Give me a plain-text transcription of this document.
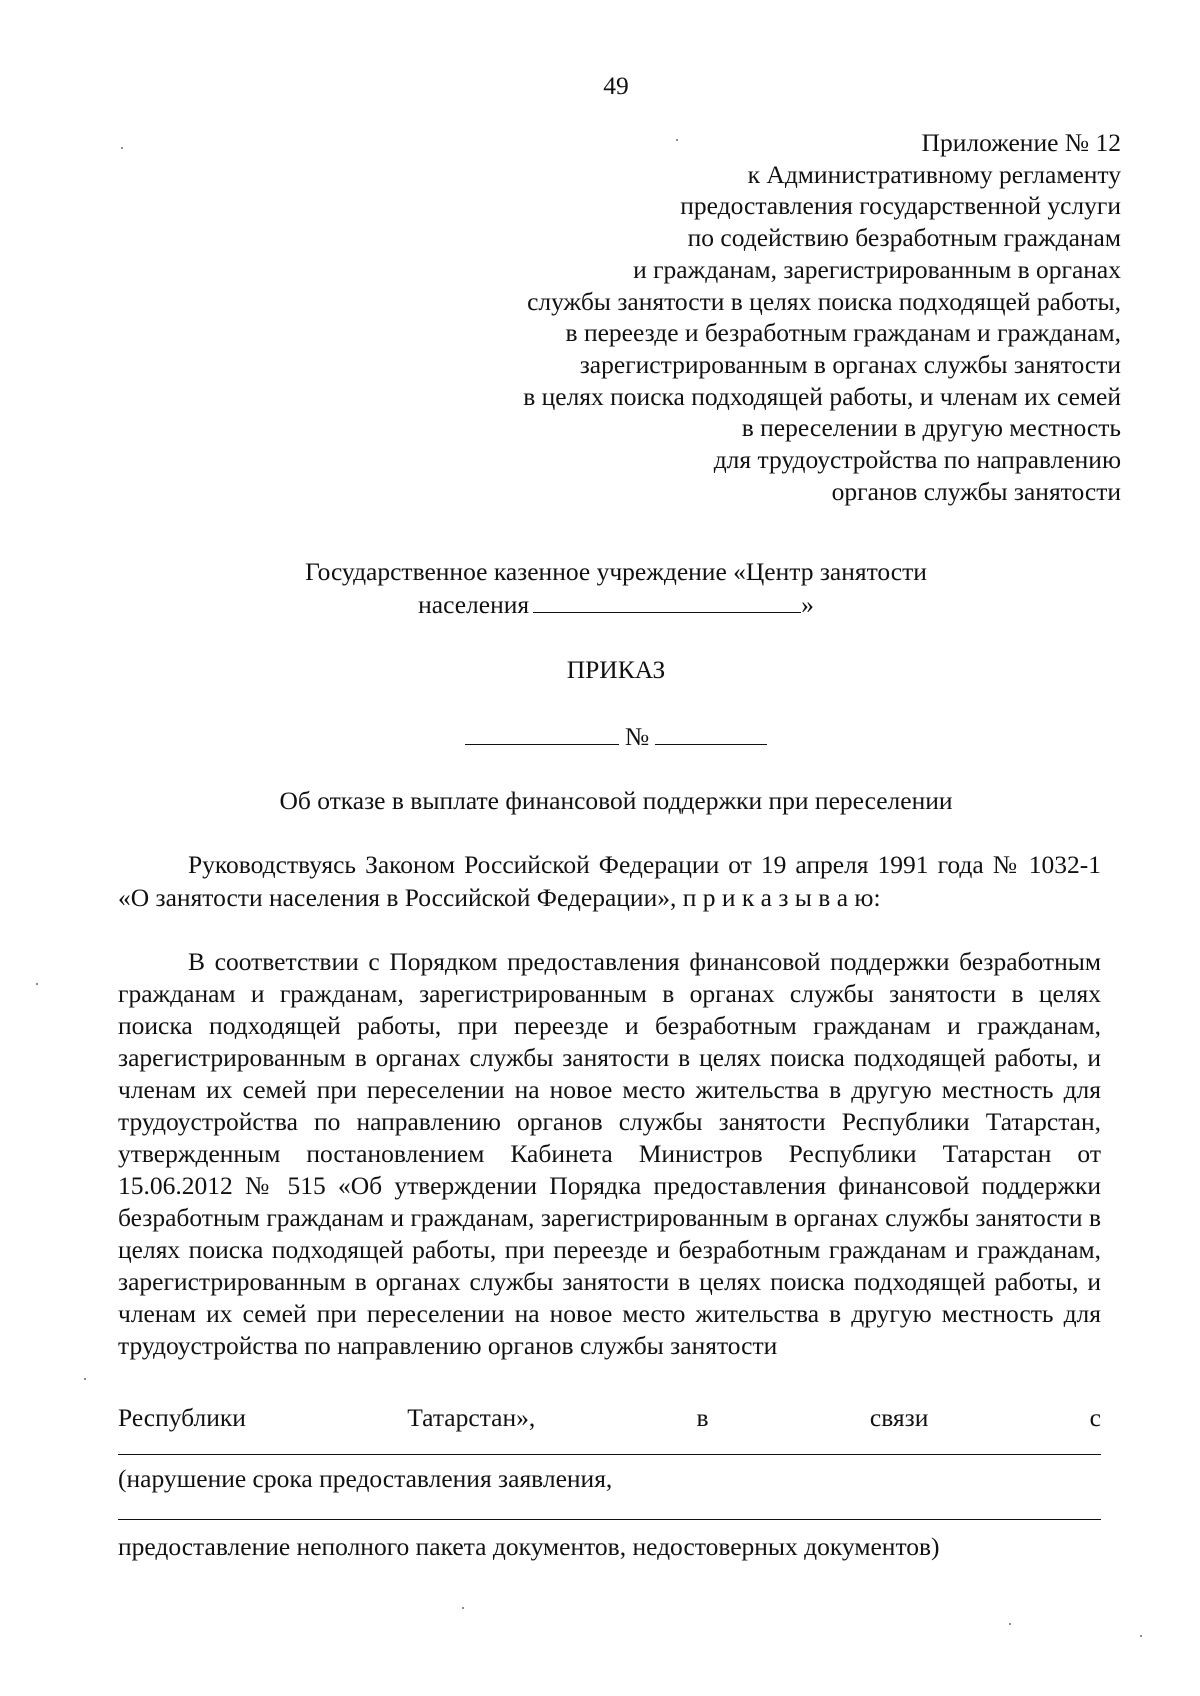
49
Приложение № 12
к Административному регламенту
предоставления государственной услуги
по содействию безработным гражданам
и гражданам, зарегистрированным в органах
службы занятости в целях поиска подходящей работы,
в переезде и безработным гражданам и гражданам,
зарегистрированным в органах службы занятости
в целях поиска подходящей работы, и членам их семей
в переселении в другую местность
для трудоустройства по направлению
органов службы занятости
Государственное казенное учреждение «Центр занятости
населения	»
ПРИКАЗ
№
Об отказе в выплате финансовой поддержки при переселении
Руководствуясь Законом Российской Федерации от 19 апреля 1991 года № 1032-1 «О занятости населения в Российской Федерации», п р и к а з ы в а ю:
В соответствии с Порядком предоставления финансовой поддержки безработным гражданам и гражданам, зарегистрированным в органах службы занятости в целях поиска подходящей работы, при переезде и безработным гражданам и гражданам, зарегистрированным в органах службы занятости в целях поиска подходящей работы, и членам их семей при переселении на новое место жительства в другую местность для трудоустройства по направлению органов службы занятости Республики Татарстан, утвержденным постановлением Кабинета Министров Республики Татарстан от 15.06.2012 № 515 «Об утверждении Порядка предоставления финансовой поддержки безработным гражданам и гражданам, зарегистрированным в органах службы занятости в целях поиска подходящей работы, при переезде и безработным гражданам и гражданам, зарегистрированным в органах службы занятости в целях поиска подходящей работы, и членам их семей при переселении на новое место жительства в другую местность для трудоустройства по направлению органов службы занятости
Республики	Татарстан»,	в	связи	с
(нарушение срока предоставления заявления,
предоставление неполного пакета документов, недостоверных документов)
